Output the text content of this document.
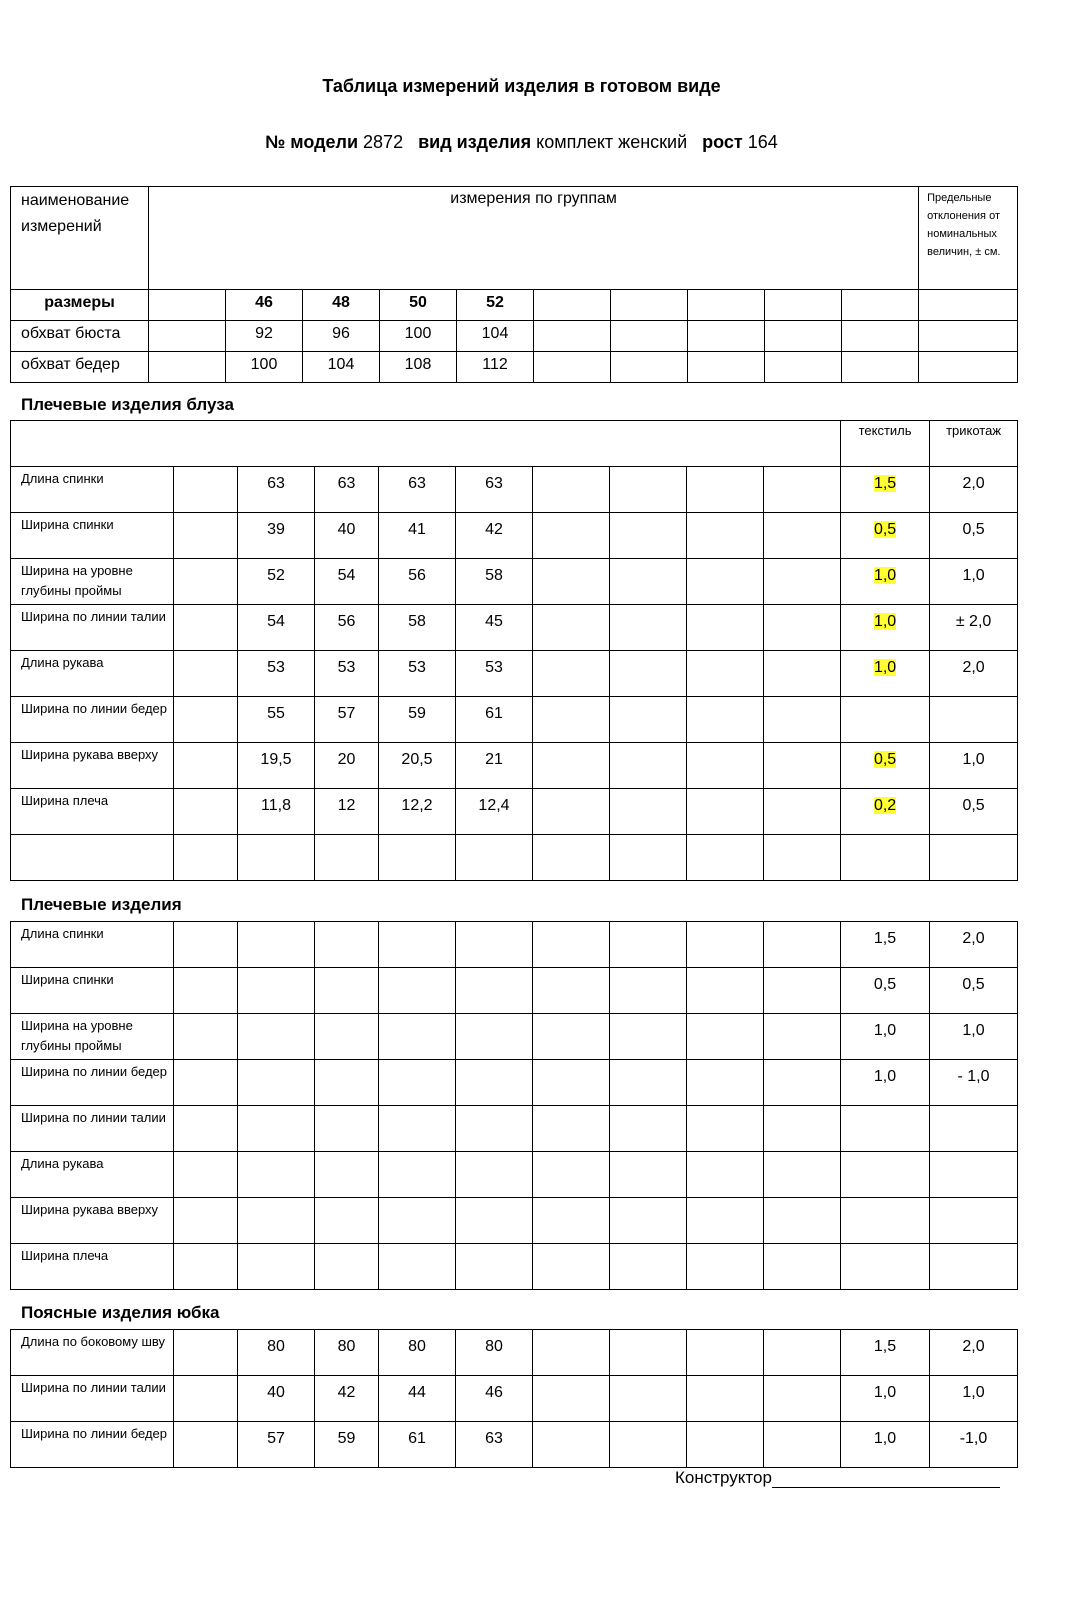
Таблица измерений изделия в готовом виде
№ модели 2872 вид изделия комплект женский рост 164
наименование измерений	измерения по группам										Предельные отклонения от номинальных величин, ± см.
размеры		46	48	50	52						
обхват бюста		92	96	100	104						
обхват бедер		100	104	108	112						
Плечевые изделия блуза
										текстиль	трикотаж
Длина спинки		63	63	63	63					1,5	2,0
Ширина спинки		39	40	41	42					0,5	0,5
Ширина на уровне глубины проймы		52	54	56	58					1,0	1,0
Ширина по линии талии		54	56	58	45					1,0	± 2,0
Длина рукава		53	53	53	53					1,0	2,0
Ширина по линии бедер		55	57	59	61						
Ширина рукава вверху		19,5	20	20,5	21					0,5	1,0
Ширина плеча		11,8	12	12,2	12,4					0,2	0,5

Плечевые изделия
Длина спинки										1,5	2,0
Ширина спинки										0,5	0,5
Ширина на уровне глубины проймы										1,0	1,0
Ширина по линии бедер										1,0	- 1,0
Ширина по линии талии											
Длина рукава											
Ширина рукава вверху											
Ширина плеча											
Поясные изделия юбка
Длина по боковому шву		80	80	80	80					1,5	2,0
Ширина по линии талии		40	42	44	46					1,0	1,0
Ширина по линии бедер		57	59	61	63					1,0	-1,0
Конструктор
